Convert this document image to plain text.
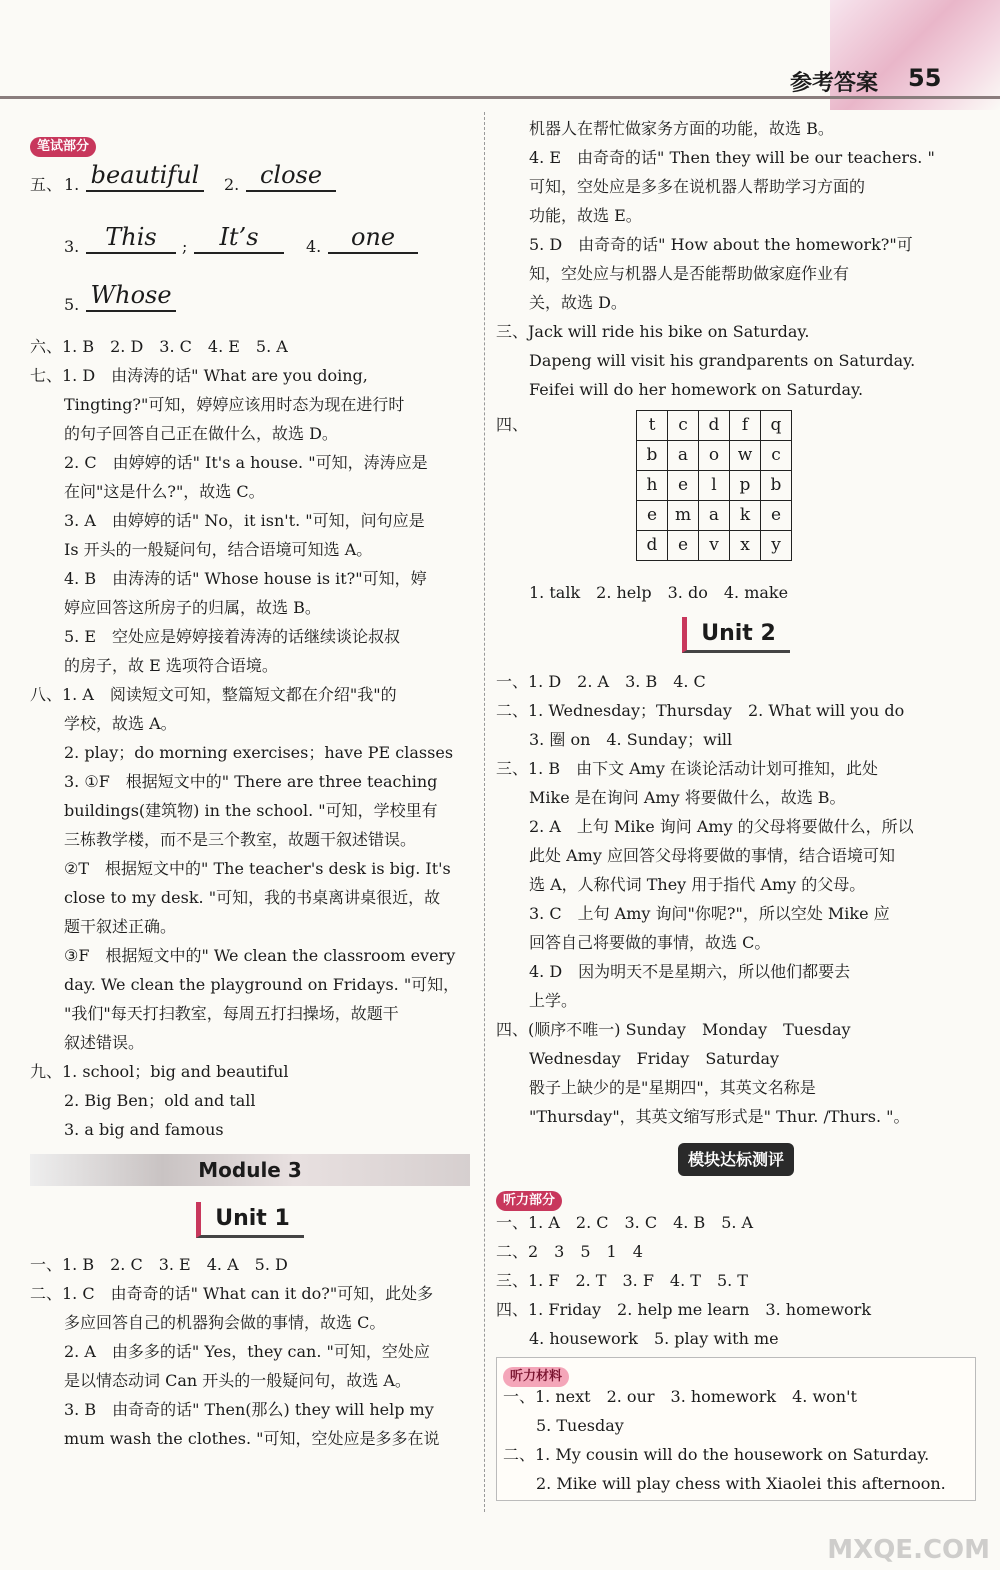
参考答案 55
笔试部分
五、 1. beautiful 2. close
3.	This	;	It’s	4.	one
5. Whose
六、1. B　2. D　3. C　4. E　5. A
七、1. D　由涛涛的话" What are you doing,
Tingting?"可知，婷婷应该用时态为现在进行时
的句子回答自己正在做什么，故选 D。
2. C　由婷婷的话" It's a house. "可知，涛涛应是
在问"这是什么?"，故选 C。
3. A　由婷婷的话" No，it isn't. "可知，问句应是
Is 开头的一般疑问句，结合语境可知选 A。
4. B　由涛涛的话" Whose house is it?"可知，婷
婷应回答这所房子的归属，故选 B。
5. E　空处应是婷婷接着涛涛的话继续谈论叔叔
的房子，故 E 选项符合语境。
八、1. A　阅读短文可知，整篇短文都在介绍"我"的
学校，故选 A。
2. play；do morning exercises；have PE classes
3. ①F　根据短文中的" There are three teaching
buildings(建筑物) in the school. "可知，学校里有
三栋教学楼，而不是三个教室，故题干叙述错误。
②T　根据短文中的" The teacher's desk is big. It's
close to my desk. "可知，我的书桌离讲桌很近，故
题干叙述正确。
③F　根据短文中的" We clean the classroom every
day. We clean the playground on Fridays. "可知，
"我们"每天打扫教室，每周五打扫操场，故题干
叙述错误。
九、1. school；big and beautiful
2. Big Ben；old and tall
3. a big and famous
Module 3
Unit 1
一、1. B　2. C　3. E　4. A　5. D
二、1. C　由奇奇的话" What can it do?"可知，此处多
多应回答自己的机器狗会做的事情，故选 C。
2. A　由多多的话" Yes，they can. "可知，空处应
是以情态动词 Can 开头的一般疑问句，故选 A。
3. B　由奇奇的话" Then(那么) they will help my
mum wash the clothes. "可知，空处应是多多在说
机器人在帮忙做家务方面的功能，故选 B。
4. E　由奇奇的话" Then they will be our teachers. "
可知，空处应是多多在说机器人帮助学习方面的
功能，故选 E。
5. D　由奇奇的话" How about the homework?"可
知，空处应与机器人是否能帮助做家庭作业有
关，故选 D。
三、Jack will ride his bike on Saturday.
Dapeng will visit his grandparents on Saturday.
Feifei will do her homework on Saturday.
四、	t	c	d	f	q
b	a	o	w	c
h	e	l	p	b
e	m	a	k	e
d	e	v	x	y
1. talk　2. help　3. do　4. make
Unit 2
一、1. D　2. A　3. B　4. C
二、1. Wednesday；Thursday　2. What will you do
3. 圈 on　4. Sunday；will
三、1. B　由下文 Amy 在谈论活动计划可推知，此处
Mike 是在询问 Amy 将要做什么，故选 B。
2. A　上句 Mike 询问 Amy 的父母将要做什么，所以
此处 Amy 应回答父母将要做的事情，结合语境可知
选 A，人称代词 They 用于指代 Amy 的父母。
3. C　上句 Amy 询问"你呢?"，所以空处 Mike 应
回答自己将要做的事情，故选 C。
4. D　因为明天不是星期六，所以他们都要去
上学。
四、(顺序不唯一) Sunday　Monday　Tuesday
Wednesday　Friday　Saturday
骰子上缺少的是"星期四"，其英文名称是
"Thursday"，其英文缩写形式是" Thur. /Thurs. "。
模块达标测评
听力部分
一、1. A　2. C　3. C　4. B　5. A
二、2　3　5　1　4
三、1. F　2. T　3. F　4. T　5. T
四、1. Friday　2. help me learn　3. homework
4. housework　5. play with me
听力材料
一、1. next　2. our　3. homework　4. won't
5. Tuesday
二、1. My cousin will do the housework on Saturday.
2. Mike will play chess with Xiaolei this afternoon.
MXQE.COM
